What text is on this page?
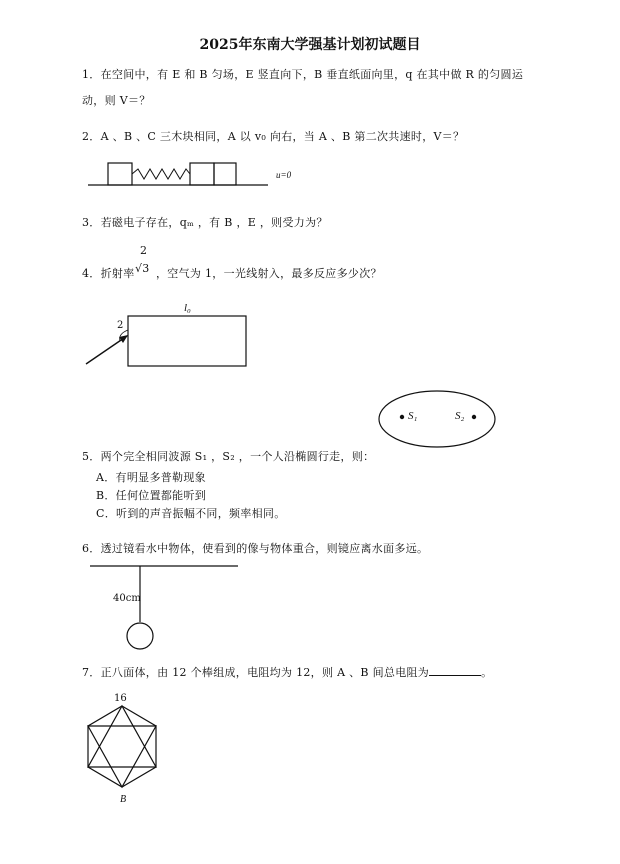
2025年东南大学强基计划初试题目
1．在空间中，有 E 和 B 匀场，E 竖直向下，B 垂直纸面向里，q 在其中做 R 的匀圆运
动，则 V＝？
2．A 、B 、C 三木块相同，A 以 v₀ 向右，当 A 、B 第二次共速时，V＝？
u=0
3．若磁电子存在，qₘ ，有 B ，E ，则受力为？
4．折射率
2
√3 ，空气为 1，一光线射入，最多反应多少次？
l₀
2
S₁	S₂
5．两个完全相同波源 S₁ ，S₂ ，一个人沿椭圆行走，则：
A．有明显多普勒现象
B．任何位置都能听到
C．听到的声音振幅不同，频率相同。
6．透过镜看水中物体，使看到的像与物体重合，则镜应离水面多远。
40cm
7．正八面体，由 12 个棒组成，电阻均为 12，则 A 、B 间总电阻为	。
16
B
